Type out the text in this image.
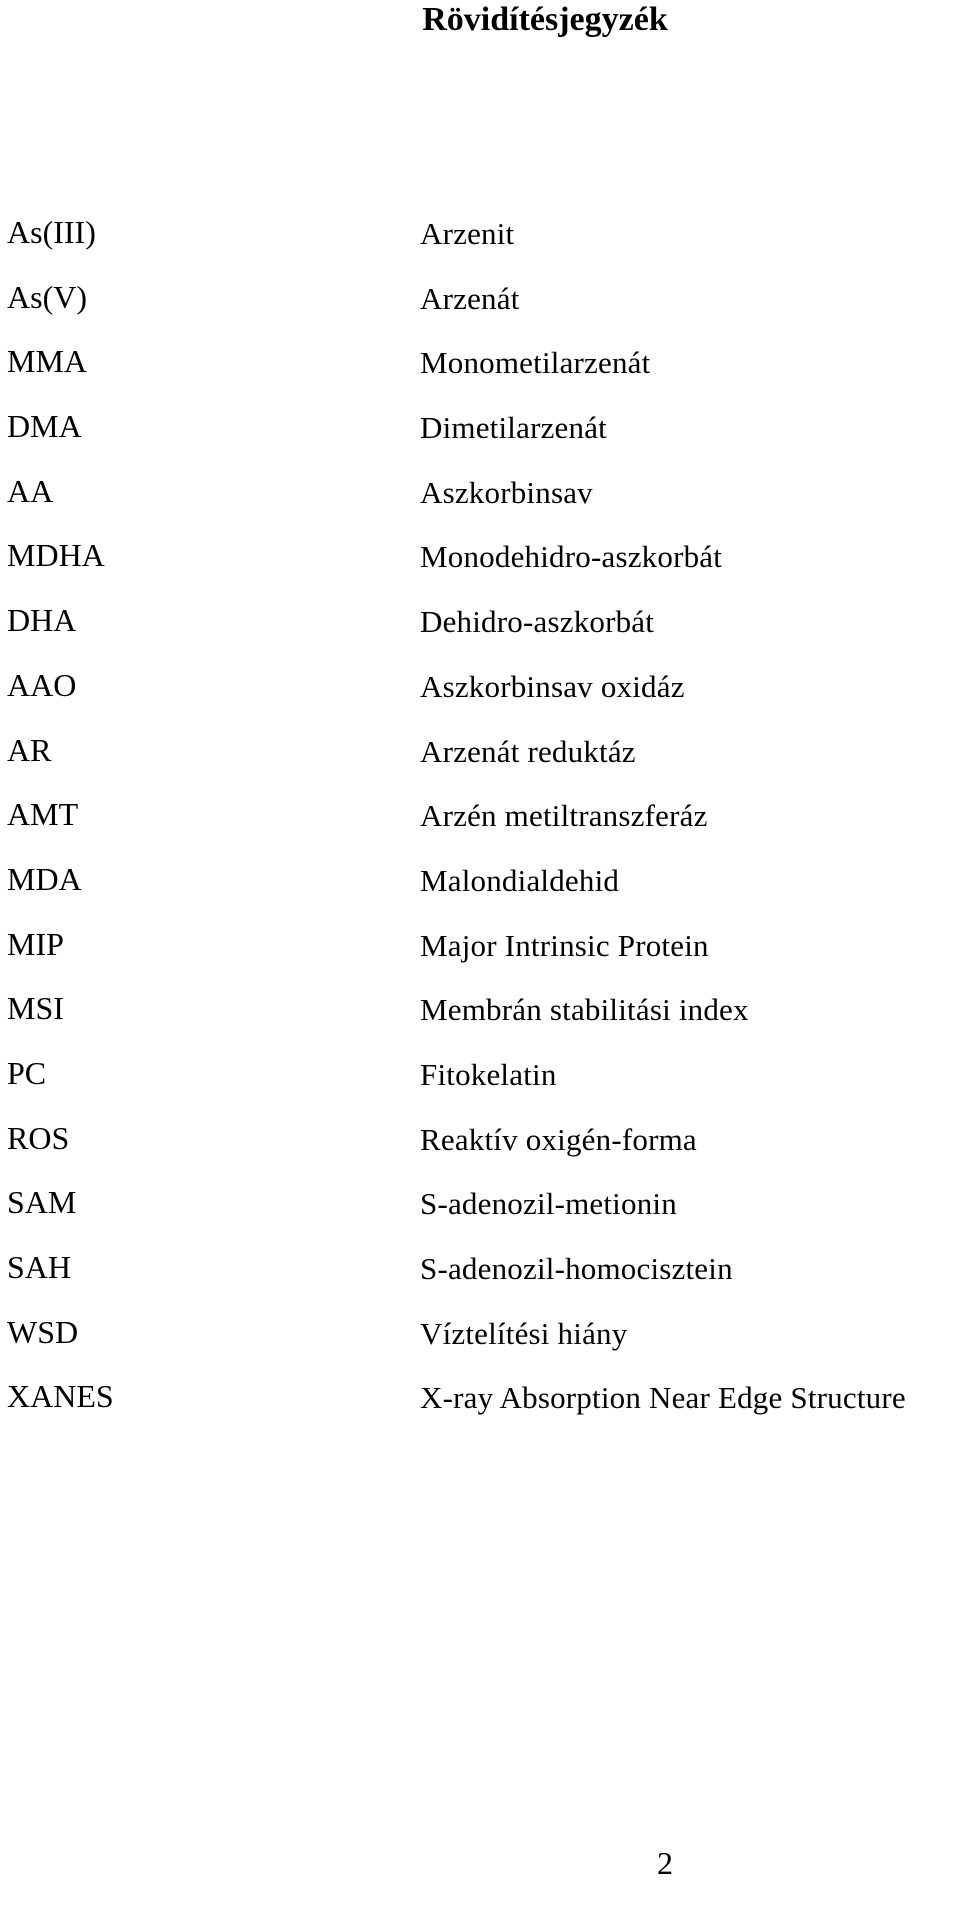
Rövidítésjegyzék
As(III)	Arzenit
As(V)	Arzenát
MMA	Monometilarzenát
DMA	Dimetilarzenát
AA	Aszkorbinsav
MDHA	Monodehidro-aszkorbát
DHA	Dehidro-aszkorbát
AAO	Aszkorbinsav oxidáz
AR	Arzenát reduktáz
AMT	Arzén metiltranszferáz
MDA	Malondialdehid
MIP	Major Intrinsic Protein
MSI	Membrán stabilitási index
PC	Fitokelatin
ROS	Reaktív oxigén-forma
SAM	S-adenozil-metionin
SAH	S-adenozil-homocisztein
WSD	Víztelítési hiány
XANES	X-ray Absorption Near Edge Structure
2
